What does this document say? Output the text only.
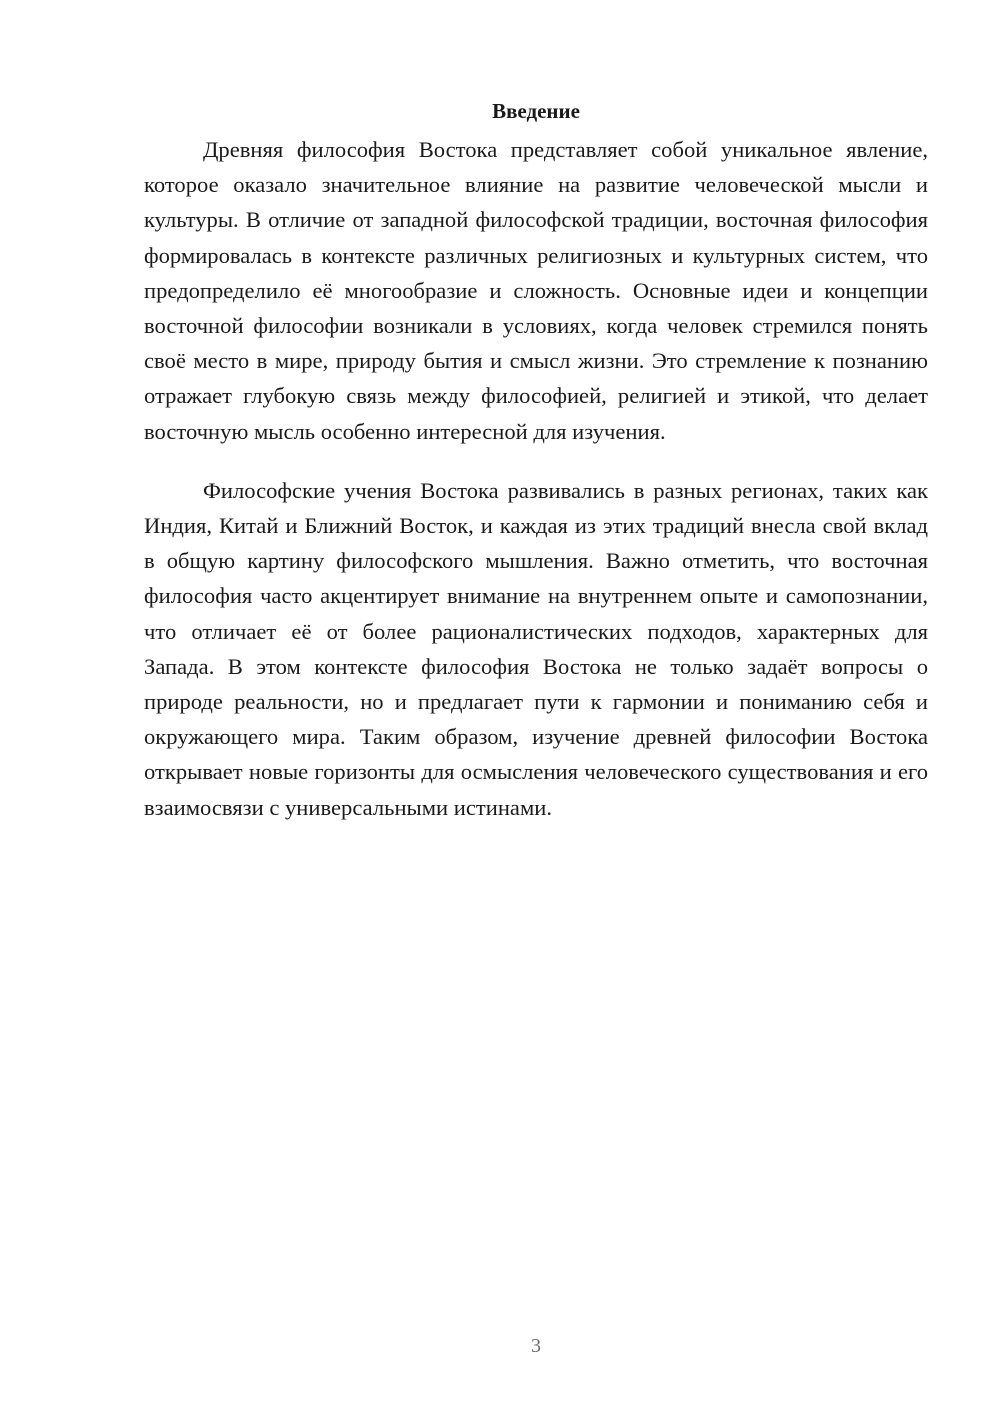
Введение

Древняя философия Востока представляет собой уникальное явление, которое оказало значительное влияние на развитие человеческой мысли и культуры. В отличие от западной философской традиции, восточная философия формировалась в контексте различных религиозных и культурных систем, что предопределило её многообразие и сложность. Основные идеи и концепции восточной философии возникали в условиях, когда человек стремился понять своё место в мире, природу бытия и смысл жизни. Это стремление к познанию отражает глубокую связь между философией, религией и этикой, что делает восточную мысль особенно интересной для изучения.

Философские учения Востока развивались в разных регионах, таких как Индия, Китай и Ближний Восток, и каждая из этих традиций внесла свой вклад в общую картину философского мышления. Важно отметить, что восточная философия часто акцентирует внимание на внутреннем опыте и самопознании, что отличает её от более рационалистических подходов, характерных для Запада. В этом контексте философия Востока не только задаёт вопросы о природе реальности, но и предлагает пути к гармонии и пониманию себя и окружающего мира. Таким образом, изучение древней философии Востока открывает новые горизонты для осмысления человеческого существования и его взаимосвязи с универсальными истинами.

3
